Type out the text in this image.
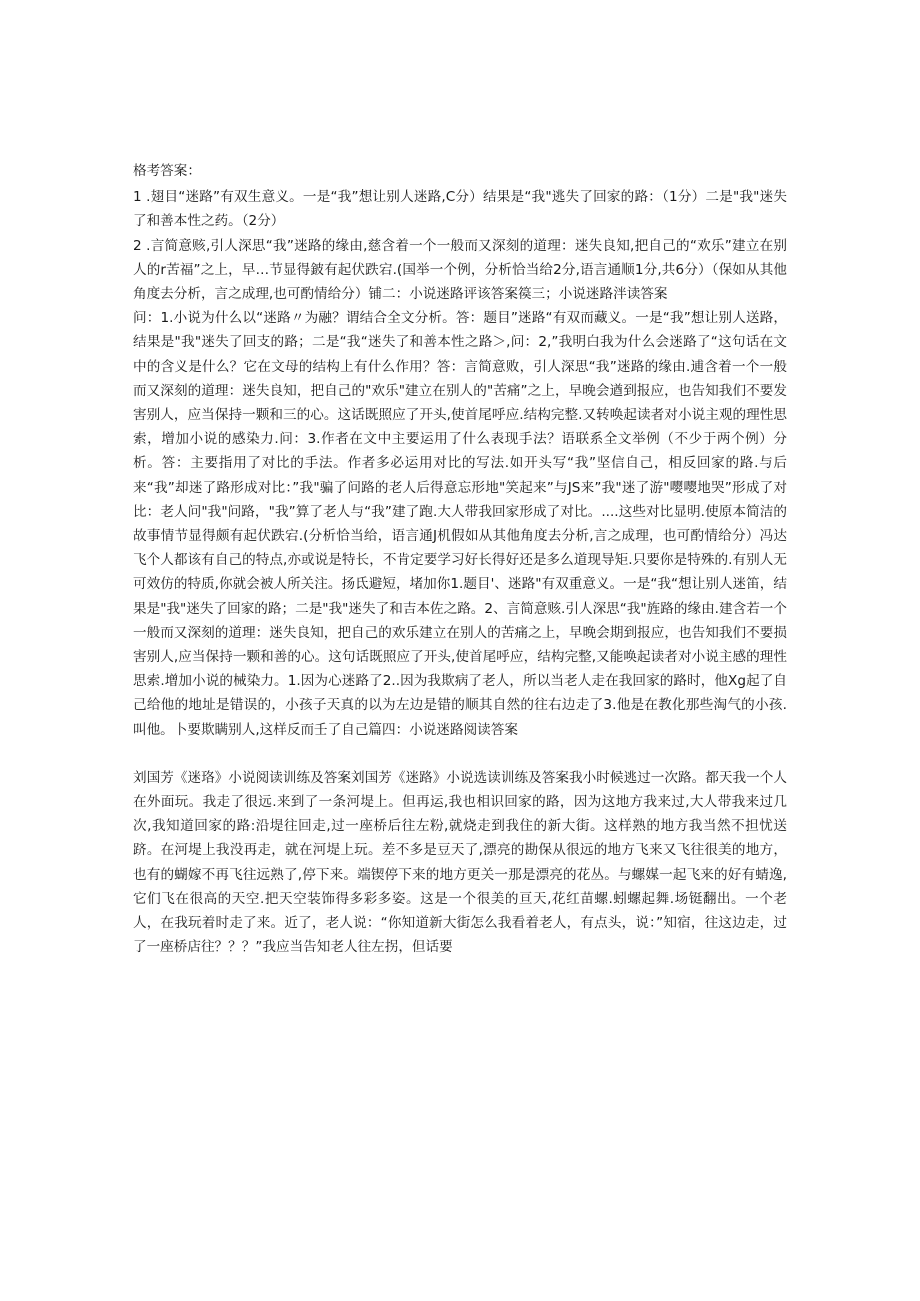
格考答案：

1 .翅目“迷路”有双生意义。一是“我”想让别人迷路,C分）结果是“我"逃失了回家的路：（1分）二是"我"迷失了和善本性之药。（2分）

2 .言简意赅,引人深思“我”迷路的缘由,慈含着一个一般而又深刻的道理：迷失良知,把自己的“欢乐”建立在别人的r苦福”之上，早…节显得鈹有起伏跌宕.(国举一个例，分析恰当给2分,语言通顺1分,共6分）（保如从其他角度去分析，言之成理,也可酌情给分）铺二：小说迷路评该答案篌三；小说迷路泮读答案

问：1.小说为什么以“迷路〃为融？谓结合全文分析。答：题目”迷路“有双而藏义。一是“我”想让别人送路，结果是"我"迷失了回支的路；二是“我“迷失了和善本性之路＞,问：2,”我明白我为什么会迷路了“这句话在文中的含义是什么？它在文母的结构上有什么作用？答：言简意败，引人深思“我”迷路的缘由.逋含着一个一般而又深刻的道理：迷失良知，把自己的"欢乐"建立在别人的"苦痛”之上，早晚会遒到报应，也告知我们不要发害别人，应当保持一颗和三的心。这话既照应了开头,使首尾呼应.结构完整.又转唤起读者对小说主观的理性思索，增加小说的感染力.问：3.作者在文中主要运用了什么表现手法？语联系全文举例（不少于两个例）分析。答：主要指用了对比的手法。作者多必运用对比的写法.如开头写“我”坚信自己，相反回家的路.与后来“我”却迷了路形成对比：”我"骗了问路的老人后得意忘形地"笑起来”与JS来”我"迷了游"嘤嘤地哭”形成了对比：老人问"我"问路，"我”算了老人与“我”建了跑.大人带我回家形成了对比。....这些对比显明.使原本简洁的故事情节显得颇有起伏跌宕.(分析恰当给，语言通J机假如从其他角度去分析,言之成理，也可酌情给分）冯达飞个人都该有自己的特点,亦或说是特长，不肯定要学习好长得好还是多么道现导矩.只要你是特殊的.有别人无可效仿的特质,你就会被人所关注。扬氐避短，堵加你1.题目'、迷路"有双重意义。一是“我“想让别人迷笛，结果是"我"迷失了回家的路；二是"我"迷失了和吉本佐之路。2、言简意赅.引人深思“我"旌路的缘由.建含若一个一般而又深刻的道理：迷失良知，把自己的欢乐建立在别人的苦痛之上，早晚会期到报应，也告知我们不要损害别人,应当保持一颗和善的心。这句话既照应了开头,使首尾呼应，结构完整,又能唤起读者对小说主感的理性思索.增加小说的械染力。1.因为心迷路了2..因为我欺病了老人，所以当老人走在我回家的路时，他Xg起了自己给他的地址是错误的，小孩子天真的以为左边是错的顺其自然的往右边走了3.他是在教化那些淘气的小孩.叫他。卜要欺瞒别人,这样反而壬了自己篇四：小说迷路阅读答案

刘国芳《迷珞》小说阅读训练及答案刘国芳《迷路》小说选读训练及答案我小时候逃过一次路。都天我一个人在外面玩。我走了很远.来到了一条河堤上。但再运,我也相识回家的路，因为这地方我来过,大人带我来过几次,我知道回家的路:沿堤往回走,过一座桥后往左粉,就烧走到我住的新大街。这样熟的地方我当然不担忧送跻。在河堤上我没再走，就在河堤上玩。差不多是豆天了,漂亮的勘保从很远的地方飞来又飞往很美的地方，也有的蝴嫁不再飞往远熟了,停下来。端锲停下来的地方更关一那是漂亮的花丛。与螺媒一起飞来的好有蜻逸,它们飞在很高的天空.把天空装饰得多彩多姿。这是一个很美的亘天,花红苗螺.蚓螺起舞.场铤翻出。一个老人，在我玩着时走了来。近了，老人说：“你知道新大街怎么我看着老人，有点头，说：”知宿，往这边走，过了一座桥店往？？？”我应当告知老人往左拐，但话要
